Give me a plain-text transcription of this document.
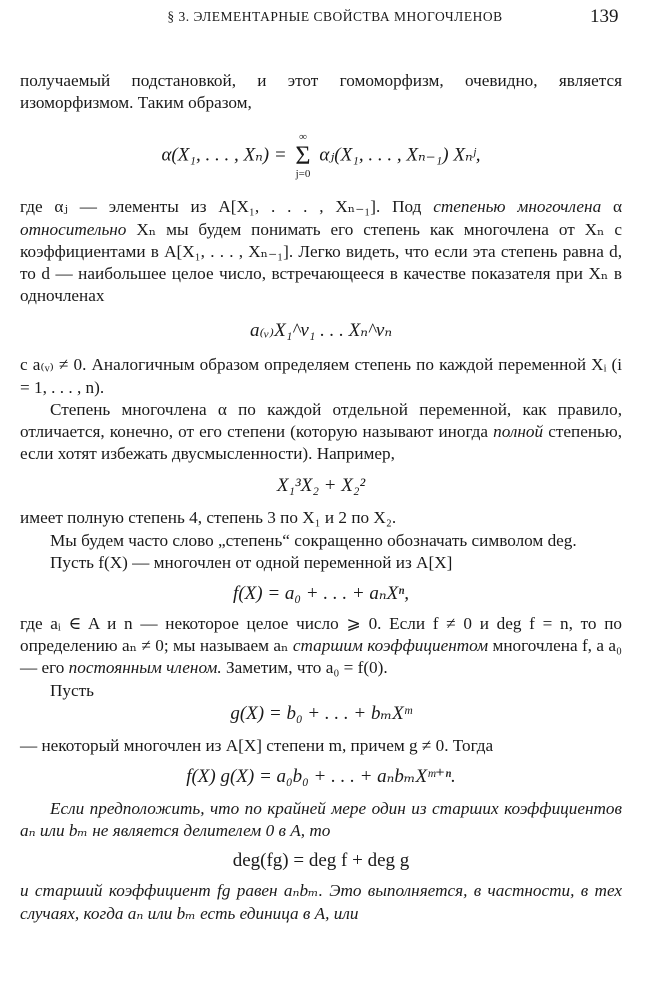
§ 3. ЭЛЕМЕНТАРНЫЕ СВОЙСТВА МНОГОЧЛЕНОВ	139

получаемый подстановкой, и этот гомоморфизм, очевидно, является изоморфизмом. Таким образом,

α(X₁, . . . , Xₙ) =
∞
Σ
j=0
αⱼ(X₁, . . . , Xₙ₋₁) Xₙʲ,

где αⱼ — элементы из A[X₁, . . . , Xₙ₋₁]. Под степенью многочлена α относительно Xₙ мы будем понимать его степень как многочлена от Xₙ с коэффициентами в A[X₁, . . . , Xₙ₋₁]. Легко видеть, что если эта степень равна d, то d — наибольшее целое число, встречающееся в качестве показателя при Xₙ в одночленах

a₍ᵥ₎X₁^ν₁ . . . Xₙ^νₙ

с a₍ᵥ₎ ≠ 0. Аналогичным образом определяем степень по каждой переменной Xᵢ (i = 1, . . . , n).

Степень многочлена α по каждой отдельной переменной, как правило, отличается, конечно, от его степени (которую называют иногда полной степенью, если хотят избежать двусмысленности). Например,

X₁³X₂ + X₂²

имеет полную степень 4, степень 3 по X₁ и 2 по X₂.

Мы будем часто слово „степень“ сокращенно обозначать символом deg.

Пусть f(X) — многочлен от одной переменной из A[X]

f(X) = a₀ + . . . + aₙXⁿ,

где aᵢ ∈ A и n — некоторое целое число ⩾ 0. Если f ≠ 0 и deg f = n, то по определению aₙ ≠ 0; мы называем aₙ старшим коэффициентом многочлена f, а a₀ — его постоянным членом. Заметим, что a₀ = f(0).

Пусть

g(X) = b₀ + . . . + bₘXᵐ

— некоторый многочлен из A[X] степени m, причем g ≠ 0. Тогда

f(X) g(X) = a₀b₀ + . . . + aₙbₘXᵐ⁺ⁿ.

Если предположить, что по крайней мере один из старших коэффициентов aₙ или bₘ не является делителем 0 в A, то

deg(fg) = deg f + deg g

и старший коэффициент fg равен aₙbₘ. Это выполняется, в частности, в тех случаях, когда aₙ или bₘ есть единица в A, или
